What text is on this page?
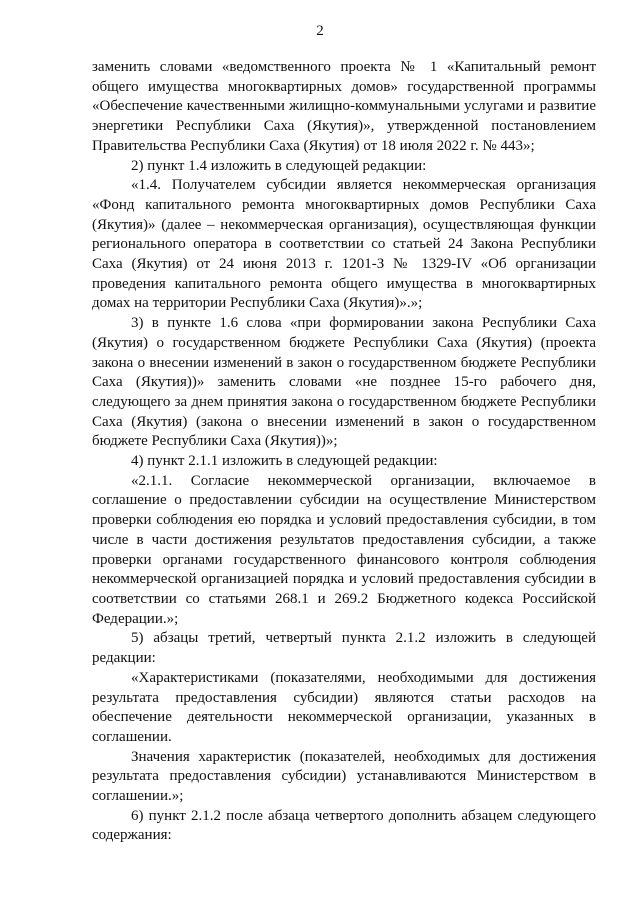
2

заменить словами «ведомственного проекта № 1 «Капитальный ремонт общего имущества многоквартирных домов» государственной программы «Обеспечение качественными жилищно-коммунальными услугами и развитие энергетики Республики Саха (Якутия)», утвержденной постановлением Правительства Республики Саха (Якутия) от 18 июля 2022 г. № 443»;

2) пункт 1.4 изложить в следующей редакции:

«1.4. Получателем субсидии является некоммерческая организация «Фонд капитального ремонта многоквартирных домов Республики Саха (Якутия)» (далее – некоммерческая организация), осуществляющая функции регионального оператора в соответствии со статьей 24 Закона Республики Саха (Якутия) от 24 июня 2013 г. 1201-З № 1329-IV «Об организации проведения капитального ремонта общего имущества в многоквартирных домах на территории Республики Саха (Якутия)».»;

3) в пункте 1.6 слова «при формировании закона Республики Саха (Якутия) о государственном бюджете Республики Саха (Якутия) (проекта закона о внесении изменений в закон о государственном бюджете Республики Саха (Якутия))» заменить словами «не позднее 15-го рабочего дня, следующего за днем принятия закона о государственном бюджете Республики Саха (Якутия) (закона о внесении изменений в закон о государственном бюджете Республики Саха (Якутия))»;

4) пункт 2.1.1 изложить в следующей редакции:

«2.1.1. Согласие некоммерческой организации, включаемое в соглашение о предоставлении субсидии на осуществление Министерством проверки соблюдения ею порядка и условий предоставления субсидии, в том числе в части достижения результатов предоставления субсидии, а также проверки органами государственного финансового контроля соблюдения некоммерческой организацией порядка и условий предоставления субсидии в соответствии со статьями 268.1 и 269.2 Бюджетного кодекса Российской Федерации.»;

5) абзацы третий, четвертый пункта 2.1.2 изложить в следующей редакции:

«Характеристиками (показателями, необходимыми для достижения результата предоставления субсидии) являются статьи расходов на обеспечение деятельности некоммерческой организации, указанных в соглашении.

Значения характеристик (показателей, необходимых для достижения результата предоставления субсидии) устанавливаются Министерством в соглашении.»;

6) пункт 2.1.2 после абзаца четвертого дополнить абзацем следующего содержания:
